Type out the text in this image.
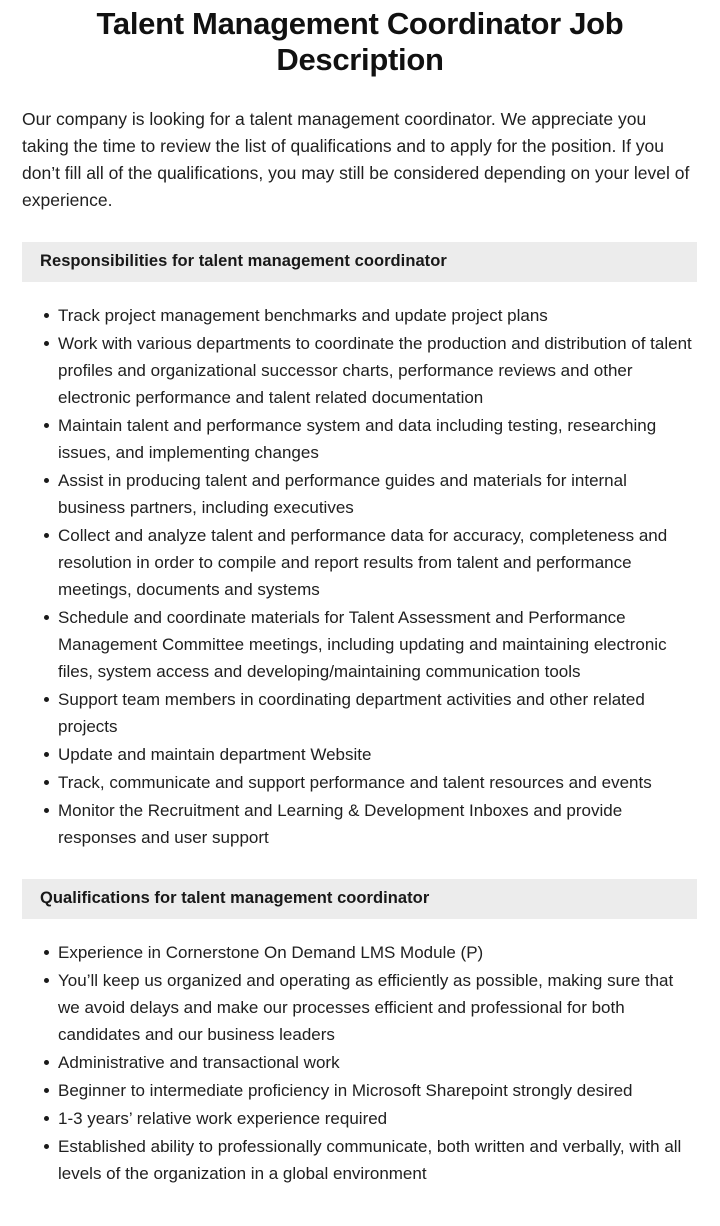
Talent Management Coordinator Job Description

Our company is looking for a talent management coordinator. We appreciate you taking the time to review the list of qualifications and to apply for the position. If you don’t fill all of the qualifications, you may still be considered depending on your level of experience.

Responsibilities for talent management coordinator
Track project management benchmarks and update project plans
Work with various departments to coordinate the production and distribution of talent profiles and organizational successor charts, performance reviews and other electronic performance and talent related documentation
Maintain talent and performance system and data including testing, researching issues, and implementing changes
Assist in producing talent and performance guides and materials for internal business partners, including executives
Collect and analyze talent and performance data for accuracy, completeness and resolution in order to compile and report results from talent and performance meetings, documents and systems
Schedule and coordinate materials for Talent Assessment and Performance Management Committee meetings, including updating and maintaining electronic files, system access and developing/maintaining communication tools
Support team members in coordinating department activities and other related projects
Update and maintain department Website
Track, communicate and support performance and talent resources and events
Monitor the Recruitment and Learning & Development Inboxes and provide responses and user support
Qualifications for talent management coordinator
Experience in Cornerstone On Demand LMS Module (P)
You’ll keep us organized and operating as efficiently as possible, making sure that we avoid delays and make our processes efficient and professional for both candidates and our business leaders
Administrative and transactional work
Beginner to intermediate proficiency in Microsoft Sharepoint strongly desired
1-3 years’ relative work experience required
Established ability to professionally communicate, both written and verbally, with all levels of the organization in a global environment
